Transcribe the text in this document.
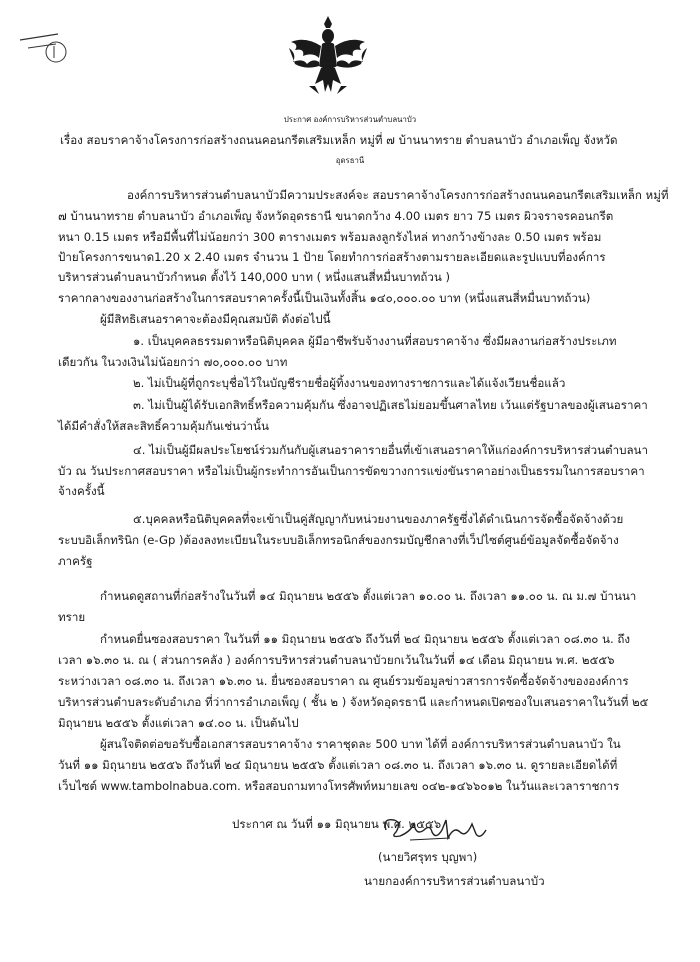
ประกาศ องค์การบริหารส่วนตำบลนาบัว
เรื่อง สอบราคาจ้างโครงการก่อสร้างถนนคอนกรีตเสริมเหล็ก หมู่ที่ ๗ บ้านนาทราย ตำบลนาบัว อำเภอเพ็ญ จังหวัด
อุดรธานี
องค์การบริหารส่วนตำบลนาบัวมีความประสงค์จะ สอบราคาจ้างโครงการก่อสร้างถนนคอนกรีตเสริมเหล็ก หมู่ที่
๗ บ้านนาทราย ตำบลนาบัว อำเภอเพ็ญ จังหวัดอุดรธานี ขนาดกว้าง 4.00 เมตร ยาว 75 เมตร ผิวจราจรคอนกรีต
หนา 0.15 เมตร หรือมีพื้นที่ไม่น้อยกว่า 300 ตารางเมตร พร้อมลงลูกรังไหล่ ทางกว้างข้างละ 0.50 เมตร พร้อม
ป้ายโครงการขนาด1.20 x 2.40 เมตร จำนวน 1 ป้าย โดยทำการก่อสร้างตามรายละเอียดและรูปแบบที่องค์การ
บริหารส่วนตำบลนาบัวกำหนด ตั้งไว้ 140,000 บาท ( หนึ่งแสนสี่หมื่นบาทถ้วน )
ราคากลางของงานก่อสร้างในการสอบราคาครั้งนี้เป็นเงินทั้งสิ้น ๑๔๐,๐๐๐.๐๐ บาท (หนึ่งแสนสี่หมื่นบาทถ้วน)
ผู้มีสิทธิเสนอราคาจะต้องมีคุณสมบัติ ดังต่อไปนี้
๑. เป็นบุคคลธรรมดาหรือนิติบุคคล ผู้มีอาชีพรับจ้างงานที่สอบราคาจ้าง ซึ่งมีผลงานก่อสร้างประเภท
เดียวกัน ในวงเงินไม่น้อยกว่า ๗๐,๐๐๐.๐๐ บาท
๒. ไม่เป็นผู้ที่ถูกระบุชื่อไว้ในบัญชีรายชื่อผู้ทิ้งงานของทางราชการและได้แจ้งเวียนชื่อแล้ว
๓. ไม่เป็นผู้ได้รับเอกสิทธิ์หรือความคุ้มกัน ซึ่งอาจปฏิเสธไม่ยอมขึ้นศาลไทย เว้นแต่รัฐบาลของผู้เสนอราคา
ได้มีคำสั่งให้สละสิทธิ์ความคุ้มกันเช่นว่านั้น
๔. ไม่เป็นผู้มีผลประโยชน์ร่วมกันกับผู้เสนอราคารายอื่นที่เข้าเสนอราคาให้แก่องค์การบริหารส่วนตำบลนา
บัว ณ วันประกาศสอบราคา หรือไม่เป็นผู้กระทำการอันเป็นการขัดขวางการแข่งขันราคาอย่างเป็นธรรมในการสอบราคา
จ้างครั้งนี้
๕.บุคคลหรือนิติบุคคลที่จะเข้าเป็นคู่สัญญากับหน่วยงานของภาครัฐซึ่งได้ดำเนินการจัดซื้อจัดจ้างด้วย
ระบบอิเล็กทรินิก (e-Gp )ต้องลงทะเบียนในระบบอิเล็กทรอนิกส์ของกรมบัญชีกลางที่เว็ปไซต์ศูนย์ข้อมูลจัดซื้อจัดจ้าง
ภาครัฐ
กำหนดดูสถานที่ก่อสร้างในวันที่ ๑๔ มิถุนายน ๒๕๕๖ ตั้งแต่เวลา ๑๐.๐๐ น. ถึงเวลา ๑๑.๐๐ น. ณ ม.๗ บ้านนา
ทราย
กำหนดยื่นซองสอบราคา ในวันที่ ๑๑ มิถุนายน ๒๕๕๖ ถึงวันที่ ๒๔ มิถุนายน ๒๕๕๖ ตั้งแต่เวลา ๐๘.๓๐ น. ถึง
เวลา ๑๖.๓๐ น. ณ ( ส่วนการคลัง ) องค์การบริหารส่วนตำบลนาบัวยกเว้นในวันที่ ๑๔ เดือน มิถุนายน พ.ศ. ๒๕๕๖
ระหว่างเวลา ๐๘.๓๐ น. ถึงเวลา ๑๖.๓๐ น. ยื่นซองสอบราคา ณ ศูนย์รวมข้อมูลข่าวสารการจัดซื้อจัดจ้างขององค์การ
บริหารส่วนตำบลระดับอำเภอ ที่ว่าการอำเภอเพ็ญ ( ชั้น ๒ ) จังหวัดอุดรธานี และกำหนดเปิดซองใบเสนอราคาในวันที่ ๒๕
มิถุนายน ๒๕๕๖ ตั้งแต่เวลา ๑๔.๐๐ น. เป็นต้นไป
ผู้สนใจติดต่อขอรับซื้อเอกสารสอบราคาจ้าง ราคาชุดละ 500 บาท ได้ที่ องค์การบริหารส่วนตำบลนาบัว ใน
วันที่ ๑๑ มิถุนายน ๒๕๕๖ ถึงวันที่ ๒๔ มิถุนายน ๒๕๕๖ ตั้งแต่เวลา ๐๘.๓๐ น. ถึงเวลา ๑๖.๓๐ น. ดูรายละเอียดได้ที่
เว็บไซต์ www.tambolnabua.com. หรือสอบถามทางโทรศัพท์หมายเลข ๐๔๒-๑๔๖๖๐๑๒ ในวันและเวลาราชการ
ประกาศ ณ วันที่ ๑๑ มิถุนายน พ.ศ. ๒๕๕๖
(นายวิศรุทร บุญพา)
นายกองค์การบริหารส่วนตำบลนาบัว
